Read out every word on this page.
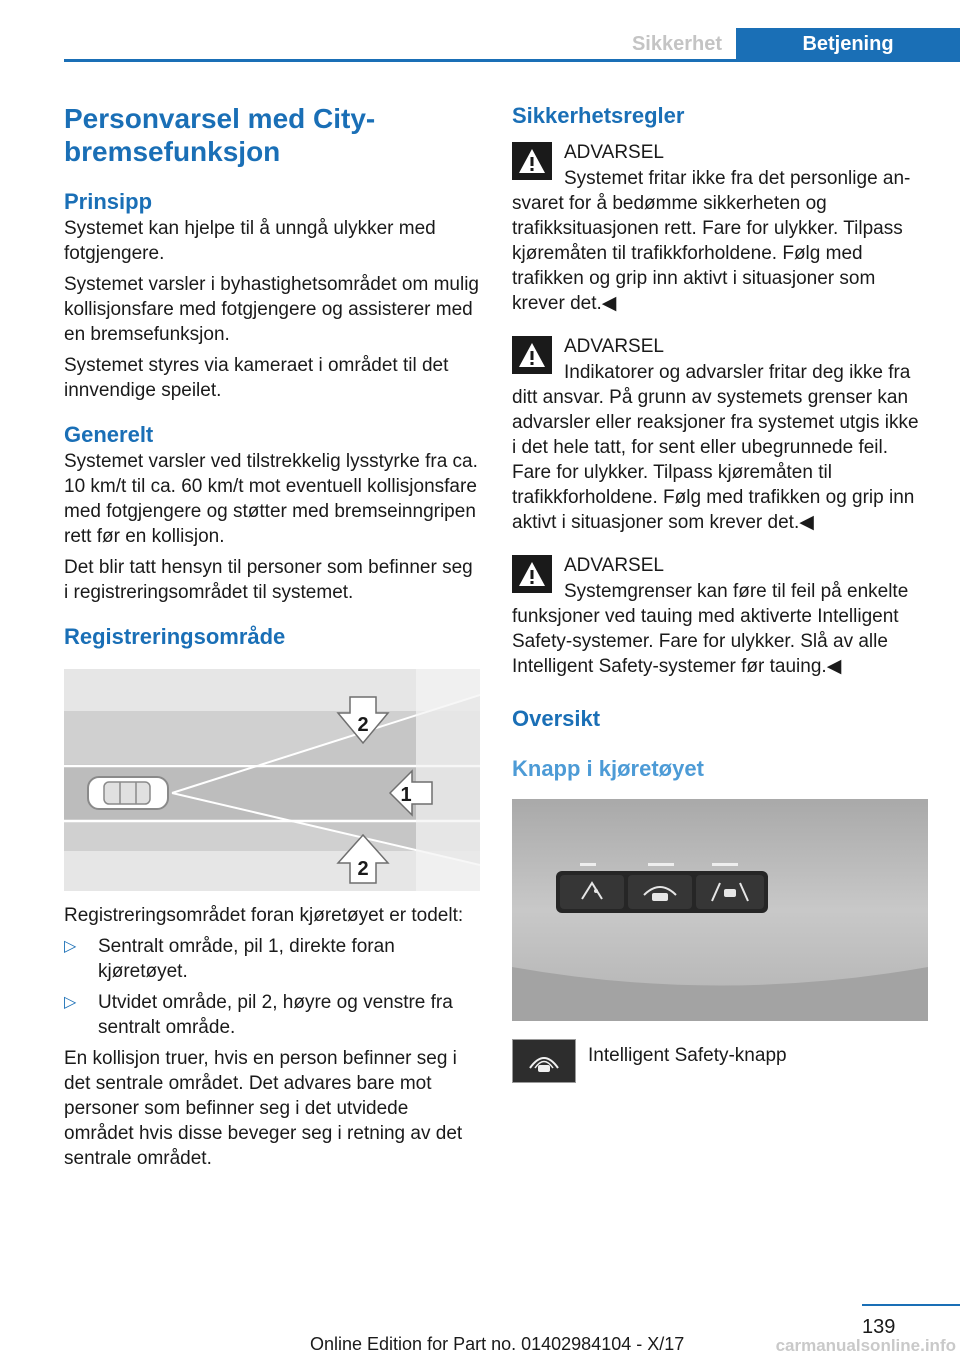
Sikkerhet	Betjening
Personvarsel med City-bremsefunksjon
Prinsipp

Systemet kan hjelpe til å unngå ulykker med fotgjengere.

Systemet varsler i byhastighetsområdet om mulig kollisjonsfare med fotgjengere og assisterer med en bremsefunksjon.

Systemet styres via kameraet i området til det innvendige speilet.

Generelt

Systemet varsler ved tilstrekkelig lysstyrke fra ca. 10 km/t til ca. 60 km/t mot eventuell kollisjonsfare med fotgjengere og støtter med bremseinngripen rett før en kollisjon.

Det blir tatt hensyn til personer som befinner seg i registreringsområdet til systemet.

Registreringsområde
2
1
2

Registreringsområdet foran kjøretøyet er todelt:

▷ Sentralt område, pil 1, direkte foran kjøretøyet.
▷ Utvidet område, pil 2, høyre og venstre fra sentralt område.

En kollisjon truer, hvis en person befinner seg i det sentrale området. Det advares bare mot personer som befinner seg i det utvidede området hvis disse beveger seg i retning av det sentrale området.

Sikkerhetsregler
ADVARSEL
Systemet fritar ikke fra det personlige an-
svaret for å bedømme sikkerheten og trafikksituasjonen rett. Fare for ulykker. Tilpass kjøremåten til trafikkforholdene. Følg med trafikken og grip inn aktivt i situasjoner som krever det.◀
ADVARSEL
Indikatorer og advarsler fritar deg ikke fra
ditt ansvar. På grunn av systemets grenser kan advarsler eller reaksjoner fra systemet utgis ikke i det hele tatt, for sent eller ubegrunnede feil. Fare for ulykker. Tilpass kjøremåten til trafikkforholdene. Følg med trafikken og grip inn aktivt i situasjoner som krever det.◀
ADVARSEL
Systemgrenser kan føre til feil på enkelte
funksjoner ved tauing med aktiverte Intelligent Safety-systemer. Fare for ulykker. Slå av alle Intelligent Safety-systemer før tauing.◀
Oversikt
Knapp i kjøretøyet

Intelligent Safety-knapp

139
Online Edition for Part no. 01402984104 - X/17	carmanualsonline.info
